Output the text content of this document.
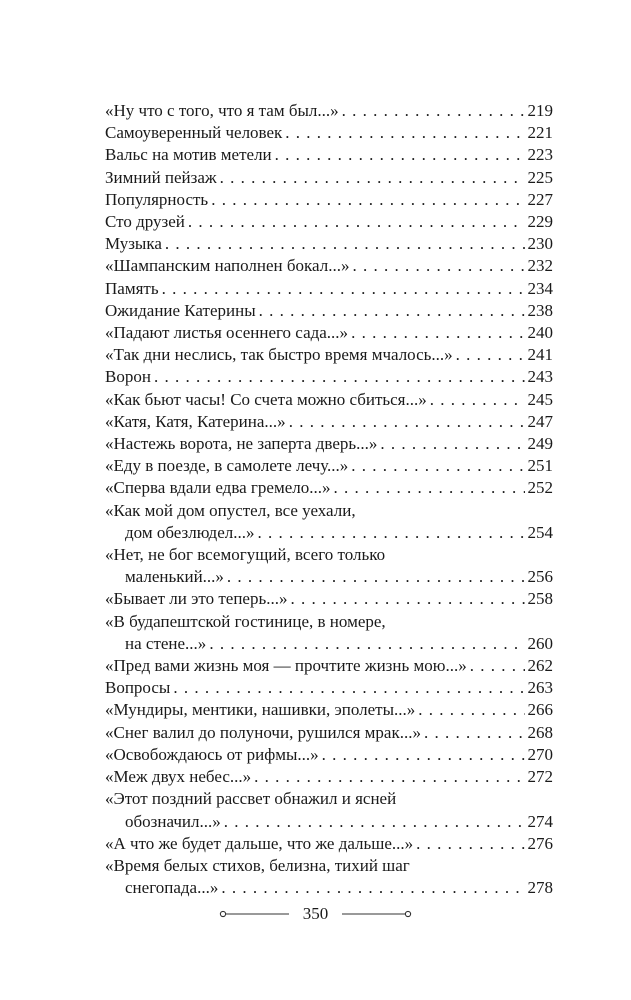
«Ну что с того, что я там был...» . . .	219
Самоуверенный человек . . .	221
Вальс на мотив метели . . .	223
Зимний пейзаж . . .	225
Популярность . . .	227
Сто друзей . . .	229
Музыка . . .	230
«Шампанским наполнен бокал...» . . .	232
Память . . .	234
Ожидание Катерины . . .	238
«Падают листья осеннего сада...» . . .	240
«Так дни неслись, так быстро время мчалось...» . . .	241
Ворон . . .	243
«Как бьют часы! Со счета можно сбиться...» . . .	245
«Катя, Катя, Катерина...» . . .	247
«Настежь ворота, не заперта дверь...» . . .	249
«Еду в поезде, в самолете лечу...» . . .	251
«Сперва вдали едва гремело...» . . .	252
«Как мой дом опустел, все уехали,
дом обезлюдел...» . . .	254
«Нет, не бог всемогущий, всего только
маленький...» . . .	256
«Бывает ли это теперь...» . . .	258
«В будапештской гостинице, в номере,
на стене...» . . .	260
«Пред вами жизнь моя — прочтите жизнь мою...» . . .	262
Вопросы . . .	263
«Мундиры, ментики, нашивки, эполеты...» . . .	266
«Снег валил до полуночи, рушился мрак...» . . .	268
«Освобождаюсь от рифмы...» . . .	270
«Меж двух небес...» . . .	272
«Этот поздний рассвет обнажил и ясней
обозначил...» . . .	274
«А что же будет дальше, что же дальше...» . . .	276
«Время белых стихов, белизна, тихий шаг
снегопада...» . . .	278
350
